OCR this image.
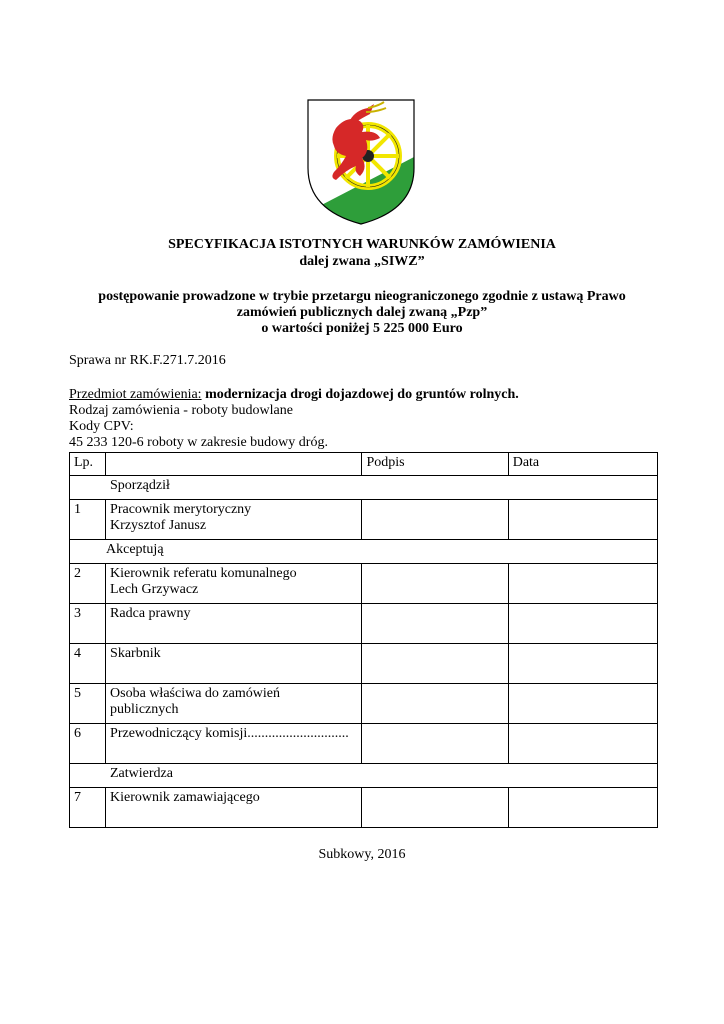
SPECYFIKACJA ISTOTNYCH WARUNKÓW ZAMÓWIENIA
dalej zwana „SIWZ”
postępowanie prowadzone w trybie przetargu nieograniczonego zgodnie z ustawą Prawo
zamówień publicznych dalej zwaną „Pzp”
o wartości poniżej 5 225 000 Euro
Sprawa nr RK.F.271.7.2016
Przedmiot zamówienia: modernizacja drogi dojazdowej do gruntów rolnych.
Rodzaj zamówienia - roboty budowlane
Kody CPV:
45 233 120-6 roboty w zakresie budowy dróg.
Lp.		Podpis	Data
Sporządził			
1	Pracownik merytoryczny
Krzysztof Janusz		

Akceptują			
2	Kierownik referatu komunalnego
Lech Grzywacz		

3	Radca prawny		

4	Skarbnik		

5	Osoba właściwa do zamówień
publicznych		

6	Przewodniczący komisji.............................		

Zatwierdza			
7	Kierownik zamawiającego		

Subkowy, 2016
